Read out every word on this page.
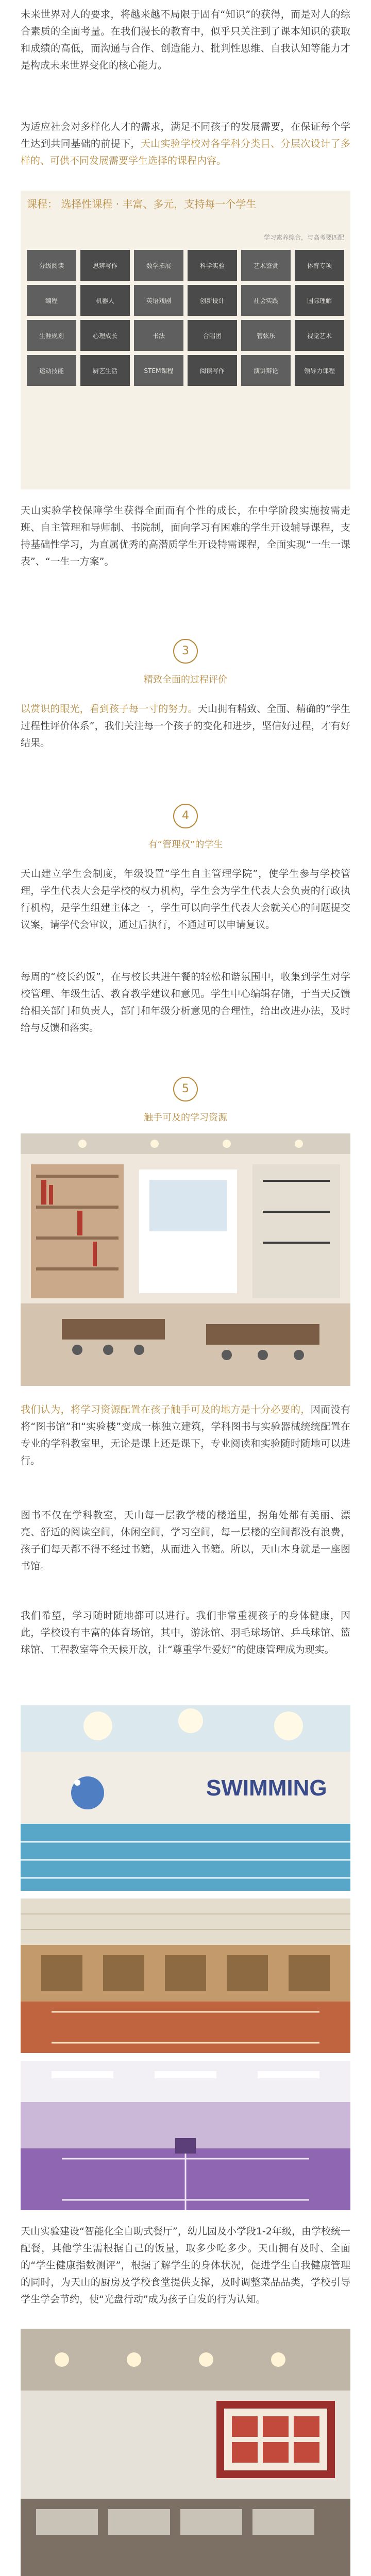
未来世界对人的要求，将越来越不局限于固有“知识”的获得，而是对人的综合素质的全面考量。在我们漫长的教育中，似乎只关注到了课本知识的获取和成绩的高低，而沟通与合作、创造能力、批判性思维、自我认知等能力才是构成未来世界变化的核心能力。

为适应社会对多样化人才的需求，满足不同孩子的发展需要，在保证每个学生达到共同基础的前提下，天山实验学校对各学科分类目、分层次设计了多样的、可供不同发展需要学生选择的课程内容。

课程： 选择性课程 · 丰富、多元，支持每一个学生
学习素养综合，与高考要匹配
分级阅读	思辨写作	数学拓展	科学实验	艺术鉴赏	体育专项
编程	机器人	英语戏剧	创新设计	社会实践	国际理解
生涯规划	心理成长	书法	合唱团	管弦乐	视觉艺术
运动技能	厨艺生活	STEM课程	阅读写作	演讲辩论	领导力课程

天山实验学校保障学生获得全面而有个性的成长，在中学阶段实施按需走班、自主管理和导师制、书院制，面向学习有困难的学生开设辅导课程，支持基础性学习，为直属优秀的高潜质学生开设特需课程，全面实现“一生一课表”、“一生一方案”。

3
精致全面的过程评价

以赏识的眼光，看到孩子每一寸的努力。天山拥有精致、全面、精确的“学生过程性评价体系”，我们关注每一个孩子的变化和进步，坚信好过程，才有好结果。

4
有“管理权”的学生

天山建立学生会制度，年级设置“学生自主管理学院”，使学生参与学校管理，学生代表大会是学校的权力机构，学生会为学生代表大会负责的行政执行机构，是学生组建主体之一，学生可以向学生代表大会就关心的问题提交议案，请学代会审议，通过后执行，不通过可以申请复议。

每周的“校长约饭”，在与校长共进午餐的轻松和谐氛围中，收集到学生对学校管理、年级生活、教育教学建议和意见。学生中心编辑存储，于当天反馈给相关部门和负责人，部门和年级分析意见的合理性，给出改进办法，及时给与反馈和落实。

5
触手可及的学习资源

我们认为，将学习资源配置在孩子触手可及的地方是十分必要的，因而没有将“图书馆”和“实验楼”变成一栋独立建筑，学科图书与实验器械统统配置在专业的学科教室里，无论是课上还是课下，专业阅读和实验随时随地可以进行。

图书不仅在学科教室，天山每一层教学楼的楼道里，拐角处都有美丽、漂亮、舒适的阅读空间，休闲空间，学习空间，每一层楼的空间都没有浪费，孩子们每天都不得不经过书籍，从而进入书籍。所以，天山本身就是一座图书馆。

我们希望，学习随时随地都可以进行。我们非常重视孩子的身体健康，因此，学校设有丰富的体育场馆，其中，游泳馆、羽毛球场馆、乒乓球馆、篮球馆、工程教室等全天候开放，让“尊重学生爱好”的健康管理成为现实。

SWIMMING

天山实验建设“智能化全自助式餐厅”，幼儿园及小学段1-2年级，由学校统一配餐，其他学生需根据自己的饭量，取多少吃多少。天山拥有及时、全面的“学生健康指数测评”，根据了解学生的身体状况，促进学生自我健康管理的同时，为天山的厨房及学校食堂提供支撑，及时调整菜品品类，学校引导学生学会节约，使“光盘行动”成为孩子自发的行为认知。
